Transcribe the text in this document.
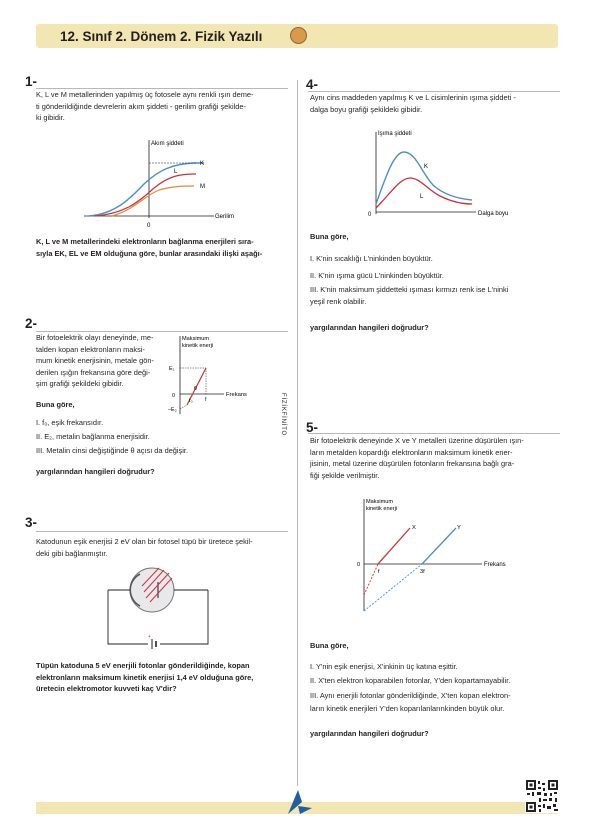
12. Sınıf 2. Dönem 2. Fizik Yazılı
FİZİKFİNİTO
1-
K, L ve M metallerinden yapılmış üç fotosele aynı renkli ışın deme-
ti gönderildiğinde devrelerin akım şiddeti - gerilim grafiği şekilde-
ki gibidir.
Akım şiddeti
Gerilim
0
K
L
M
K, L ve M metallerindeki elektronların bağlanma enerjileri sıra-
sıyla EK, EL ve EM olduğuna göre, bunlar arasındaki ilişki aşağı-
2-
Bir fotoelektrik olayı deneyinde, me-
talden kopan elektronların maksi-
mum kinetik enerjisinin, metale gön-
derilen ışığın frekansına göre deği-
şim grafiği şekildeki gibidir.
Maksimum
kinetik enerji
Frekans
E₁
–E₂
0
f₀ f
θ
Buna göre,
I. f₀, eşik frekansıdır.
II. E₂, metalin bağlanma enerjisidir.
III. Metalin cinsi değiştiğinde θ açısı da değişir.
yargılarından hangileri doğrudur?
3-
Katodunun eşik enerjisi 2 eV olan bir fotosel tüpü bir üretece şekil-
deki gibi bağlanmıştır.
+
Tüpün katoduna 5 eV enerjili fotonlar gönderildiğinde, kopan
elektronların maksimum kinetik enerjisi 1,4 eV olduğuna göre,
üretecin elektromotor kuvveti kaç V'dir?
4-
Aynı cins maddeden yapılmış K ve L cisimlerinin ışıma şiddeti -
dalga boyu grafiği şekildeki gibidir.
Işıma şiddeti
Dalga boyu
0
K
L
Buna göre,
I. K'nin sıcaklığı L'ninkinden büyüktür.
II. K'nin ışıma gücü L'ninkinden büyüktür.
III. K'nin maksimum şiddetteki ışıması kırmızı renk ise L'ninki
yeşil renk olabilir.
yargılarından hangileri doğrudur?
5-
Bir fotoelektrik deneyinde X ve Y metalleri üzerine düşürülen ışın-
ların metalden kopardığı elektronların maksimum kinetik ener-
jisinin, metal üzerine düşürülen fotonların frekansına bağlı gra-
fiği şekilde verilmiştir.
Maksimum
kinetik enerji
Frekans
0
X	Y
f	3f
Buna göre,
I. Y'nin eşik enerjisi, X'inkinin üç katına eşittir.
II. X'ten elektron koparabilen fotonlar, Y'den kopartamayabilir.
III. Aynı enerjili fotonlar gönderildiğinde, X'ten kopan elektron-
ların kinetik enerjileri Y'den koparılanlarınkinden büyük olur.
yargılarından hangileri doğrudur?
